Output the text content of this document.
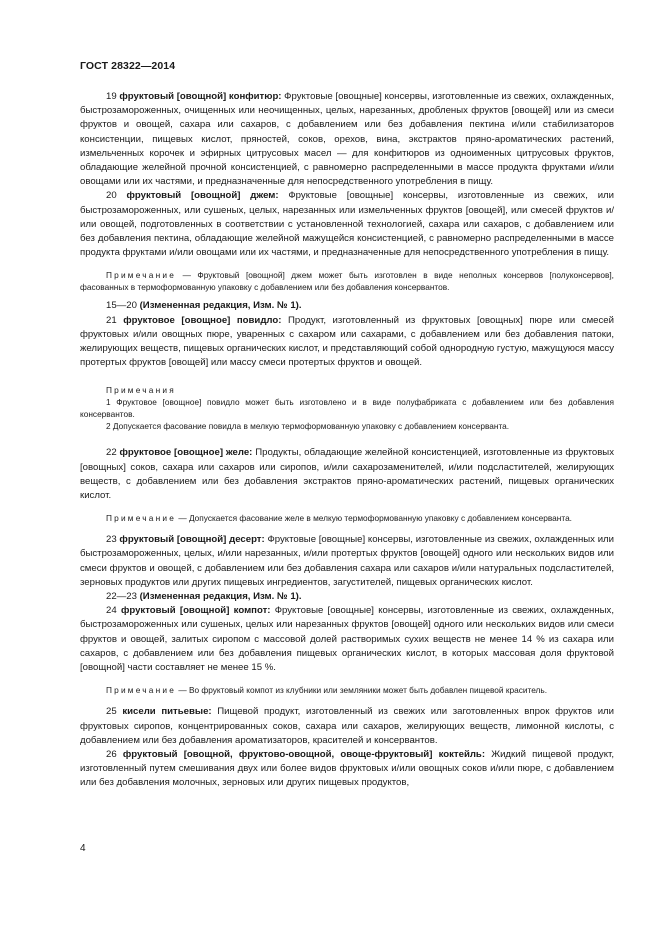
ГОСТ 28322—2014

19 фруктовый [овощной] конфитюр: Фруктовые [овощные] консервы, изготовленные из свежих, охлажденных, быстрозамороженных, очищенных или неочищенных, целых, нарезанных, дробленых фруктов [овощей] или из смеси фруктов и овощей, сахара или сахаров, с добавлением или без добавления пектина и/или стабилизаторов консистенции, пищевых кислот, пряностей, соков, орехов, вина, экстрактов пряно-ароматических растений, измельченных корочек и эфирных цитрусовых масел — для конфитюров из одноименных цитрусовых фруктов, обладающие желейной прочной консистенцией, с равномерно распределенными в массе продукта фруктами и/или овощами или их частями, и предназначенные для непосредственного употребления в пищу.

20 фруктовый [овощной] джем: Фруктовые [овощные] консервы, изготовленные из свежих, или быстрозамороженных, или сушеных, целых, нарезанных или измельченных фруктов [овощей], или смесей фруктов и/или овощей, подготовленных в соответствии с установленной технологией, сахара или сахаров, с добавлением или без добавления пектина, обладающие желейной мажущейся консистенцией, с равномерно распределенными в массе продукта фруктами и/или овощами или их частями, и предназначенные для непосредственного употребления в пищу.

Примечание — Фруктовый [овощной] джем может быть изготовлен в виде неполных консервов [полуконсервов], фасованных в термоформованную упаковку с добавлением или без добавления консервантов.

15—20 (Измененная редакция, Изм. № 1).

21 фруктовое [овощное] повидло: Продукт, изготовленный из фруктовых [овощных] пюре или смесей фруктовых и/или овощных пюре, уваренных с сахаром или сахарами, с добавлением или без добавления патоки, желирующих веществ, пищевых органических кислот, и представляющий собой однородную густую, мажущуюся массу протертых фруктов [овощей] или массу смеси протертых фруктов и овощей.

Примечания

1 Фруктовое [овощное] повидло может быть изготовлено и в виде полуфабриката с добавлением или без добавления консервантов.

2 Допускается фасование повидла в мелкую термоформованную упаковку с добавлением консерванта.

22 фруктовое [овощное] желе: Продукты, обладающие желейной консистенцией, изготовленные из фруктовых [овощных] соков, сахара или сахаров или сиропов, и/или сахарозаменителей, и/или подсластителей, желирующих веществ, с добавлением или без добавления экстрактов пряно-ароматических растений, пищевых органических кислот.

Примечание — Допускается фасование желе в мелкую термоформованную упаковку с добавлением консерванта.

23 фруктовый [овощной] десерт: Фруктовые [овощные] консервы, изготовленные из свежих, охлажденных или быстрозамороженных, целых, и/или нарезанных, и/или протертых фруктов [овощей] одного или нескольких видов или смеси фруктов и овощей, с добавлением или без добавления сахара или сахаров и/или натуральных подсластителей, зерновых продуктов или других пищевых ингредиентов, загустителей, пищевых органических кислот.

22—23 (Измененная редакция, Изм. № 1).

24 фруктовый [овощной] компот: Фруктовые [овощные] консервы, изготовленные из свежих, охлажденных, быстрозамороженных или сушеных, целых или нарезанных фруктов [овощей] одного или нескольких видов или смеси фруктов и овощей, залитых сиропом с массовой долей растворимых сухих веществ не менее 14 % из сахара или сахаров, с добавлением или без добавления пищевых органических кислот, в которых массовая доля фруктовой [овощной] части составляет не менее 15 %.

Примечание — Во фруктовый компот из клубники или земляники может быть добавлен пищевой краситель.

25 кисели питьевые: Пищевой продукт, изготовленный из свежих или заготовленных впрок фруктов или фруктовых сиропов, концентрированных соков, сахара или сахаров, желирующих веществ, лимонной кислоты, с добавлением или без добавления ароматизаторов, красителей и консервантов.

26 фруктовый [овощной, фруктово-овощной, овоще-фруктовый] коктейль: Жидкий пищевой продукт, изготовленный путем смешивания двух или более видов фруктовых и/или овощных соков и/или пюре, с добавлением или без добавления молочных, зерновых или других пищевых продуктов,

4
